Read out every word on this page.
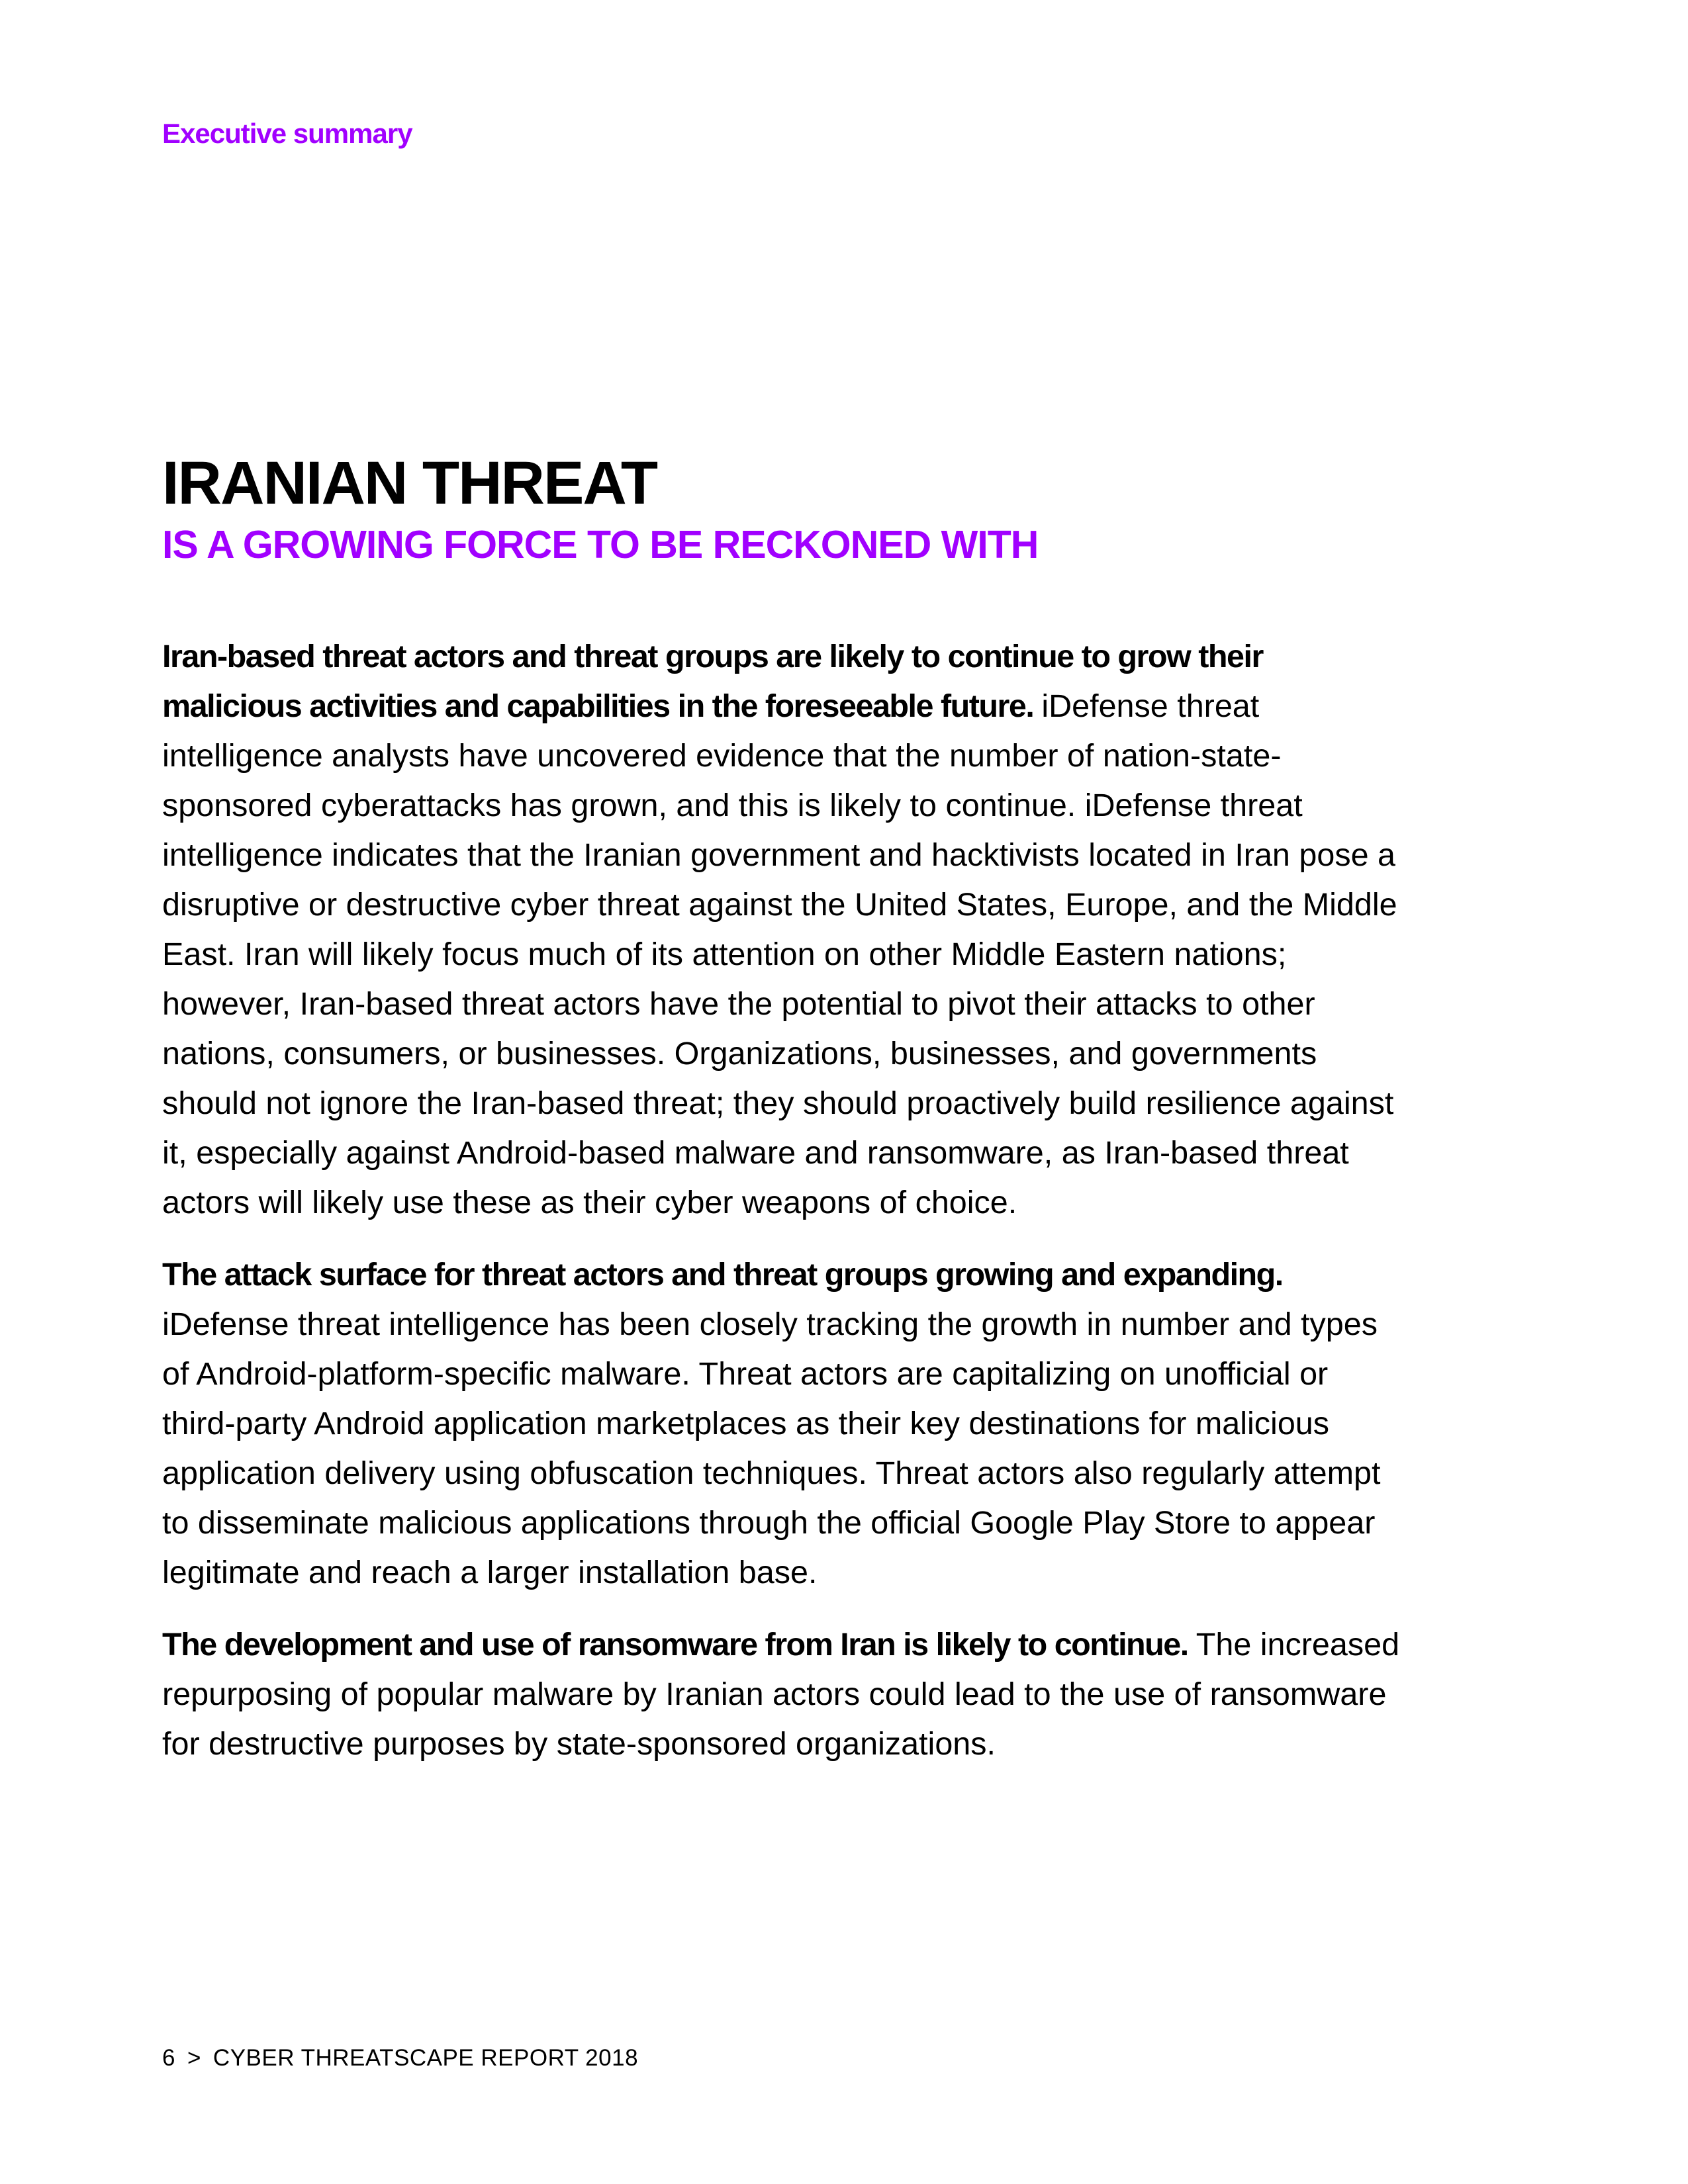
Executive summary

IRANIAN THREAT
IS A GROWING FORCE TO BE RECKONED WITH

Iran-based threat actors and threat groups are likely to continue to grow their malicious activities and capabilities in the foreseeable future. iDefense threat intelligence analysts have uncovered evidence that the number of nation-state-sponsored cyberattacks has grown, and this is likely to continue. iDefense threat intelligence indicates that the Iranian government and hacktivists located in Iran pose a disruptive or destructive cyber threat against the United States, Europe, and the Middle East. Iran will likely focus much of its attention on other Middle Eastern nations; however, Iran-based threat actors have the potential to pivot their attacks to other nations, consumers, or businesses. Organizations, businesses, and governments should not ignore the Iran-based threat; they should proactively build resilience against it, especially against Android-based malware and ransomware, as Iran-based threat actors will likely use these as their cyber weapons of choice.

The attack surface for threat actors and threat groups growing and expanding. iDefense threat intelligence has been closely tracking the growth in number and types of Android-platform-specific malware. Threat actors are capitalizing on unofficial or third-party Android application marketplaces as their key destinations for malicious application delivery using obfuscation techniques. Threat actors also regularly attempt to disseminate malicious applications through the official Google Play Store to appear legitimate and reach a larger installation base.

The development and use of ransomware from Iran is likely to continue. The increased repurposing of popular malware by Iranian actors could lead to the use of ransomware for destructive purposes by state-sponsored organizations.

6 > CYBER THREATSCAPE REPORT 2018
